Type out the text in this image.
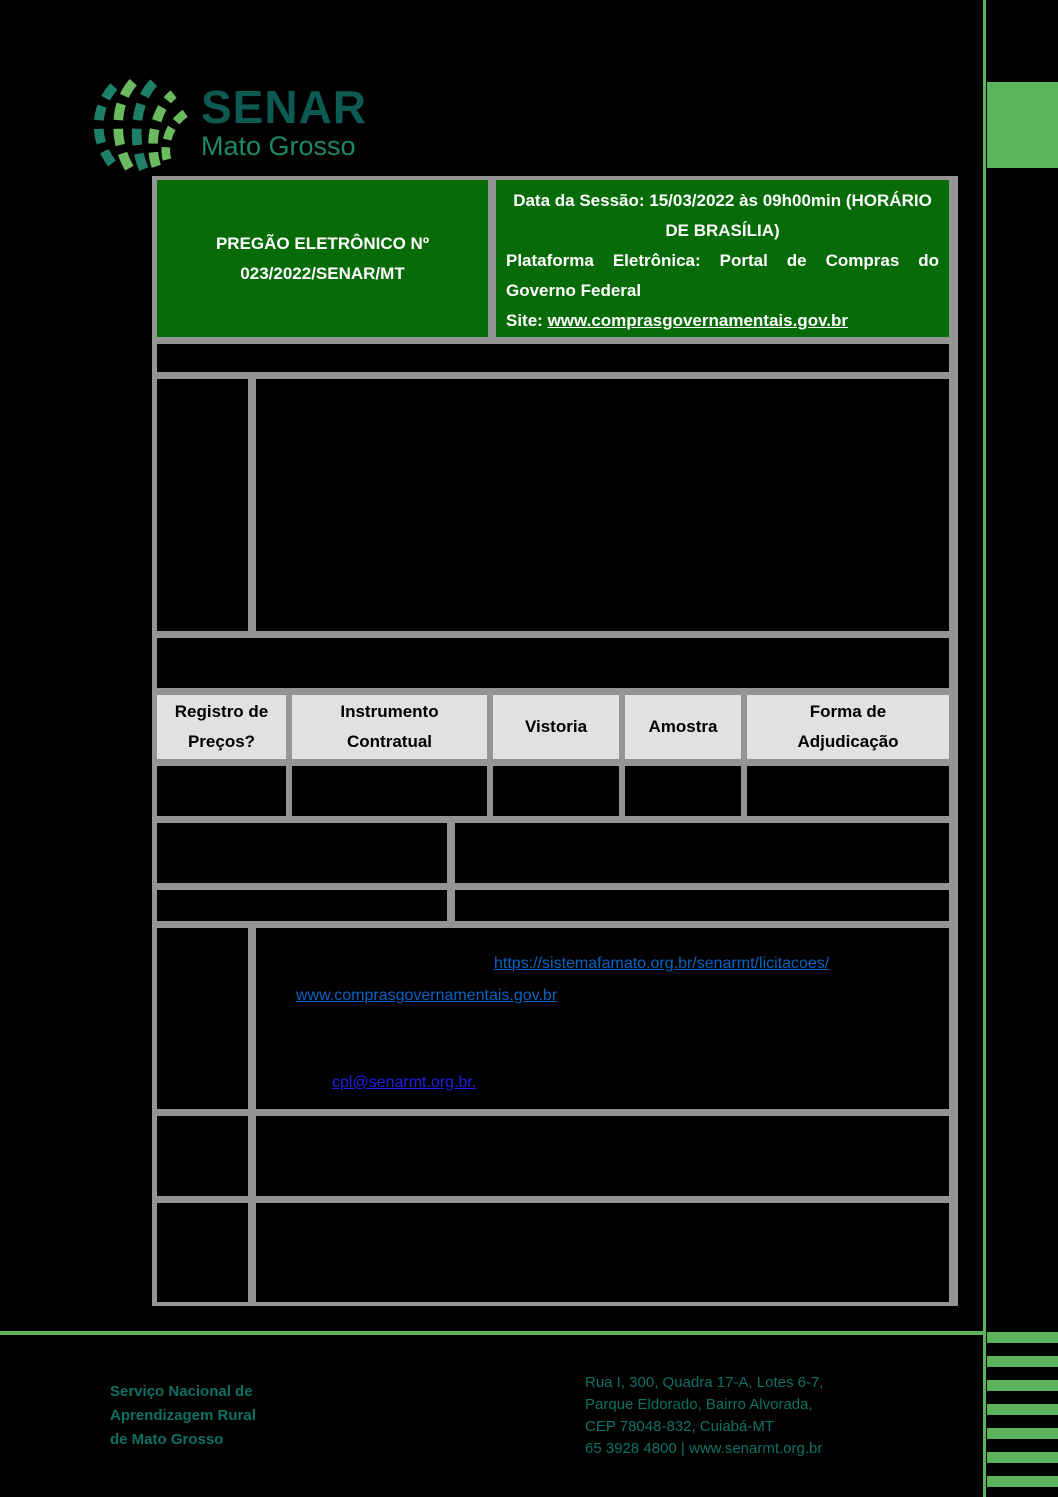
SENAR
Mato Grosso
PREGÃO ELETRÔNICO Nº
023/2022/SENAR/MT
Data da Sessão: 15/03/2022 às 09h00min (HORÁRIO
DE BRASÍLIA)
Plataforma Eletrônica: Portal de Compras do Governo Federal
Site: www.comprasgovernamentais.gov.br
Registro de Preços?
Instrumento Contratual
Vistoria	Amostra
Forma de Adjudicação
https://sistemafamato.org.br/senarmt/licitacoes/
www.comprasgovernamentais.gov.br
cpl@senarmt.org.br.
Serviço Nacional de
Aprendizagem Rural
de Mato Grosso
Rua I, 300, Quadra 17-A, Lotes 6-7,
Parque Eldorado, Bairro Alvorada,
CEP 78048-832, Cuiabá-MT
65 3928 4800 | www.senarmt.org.br
